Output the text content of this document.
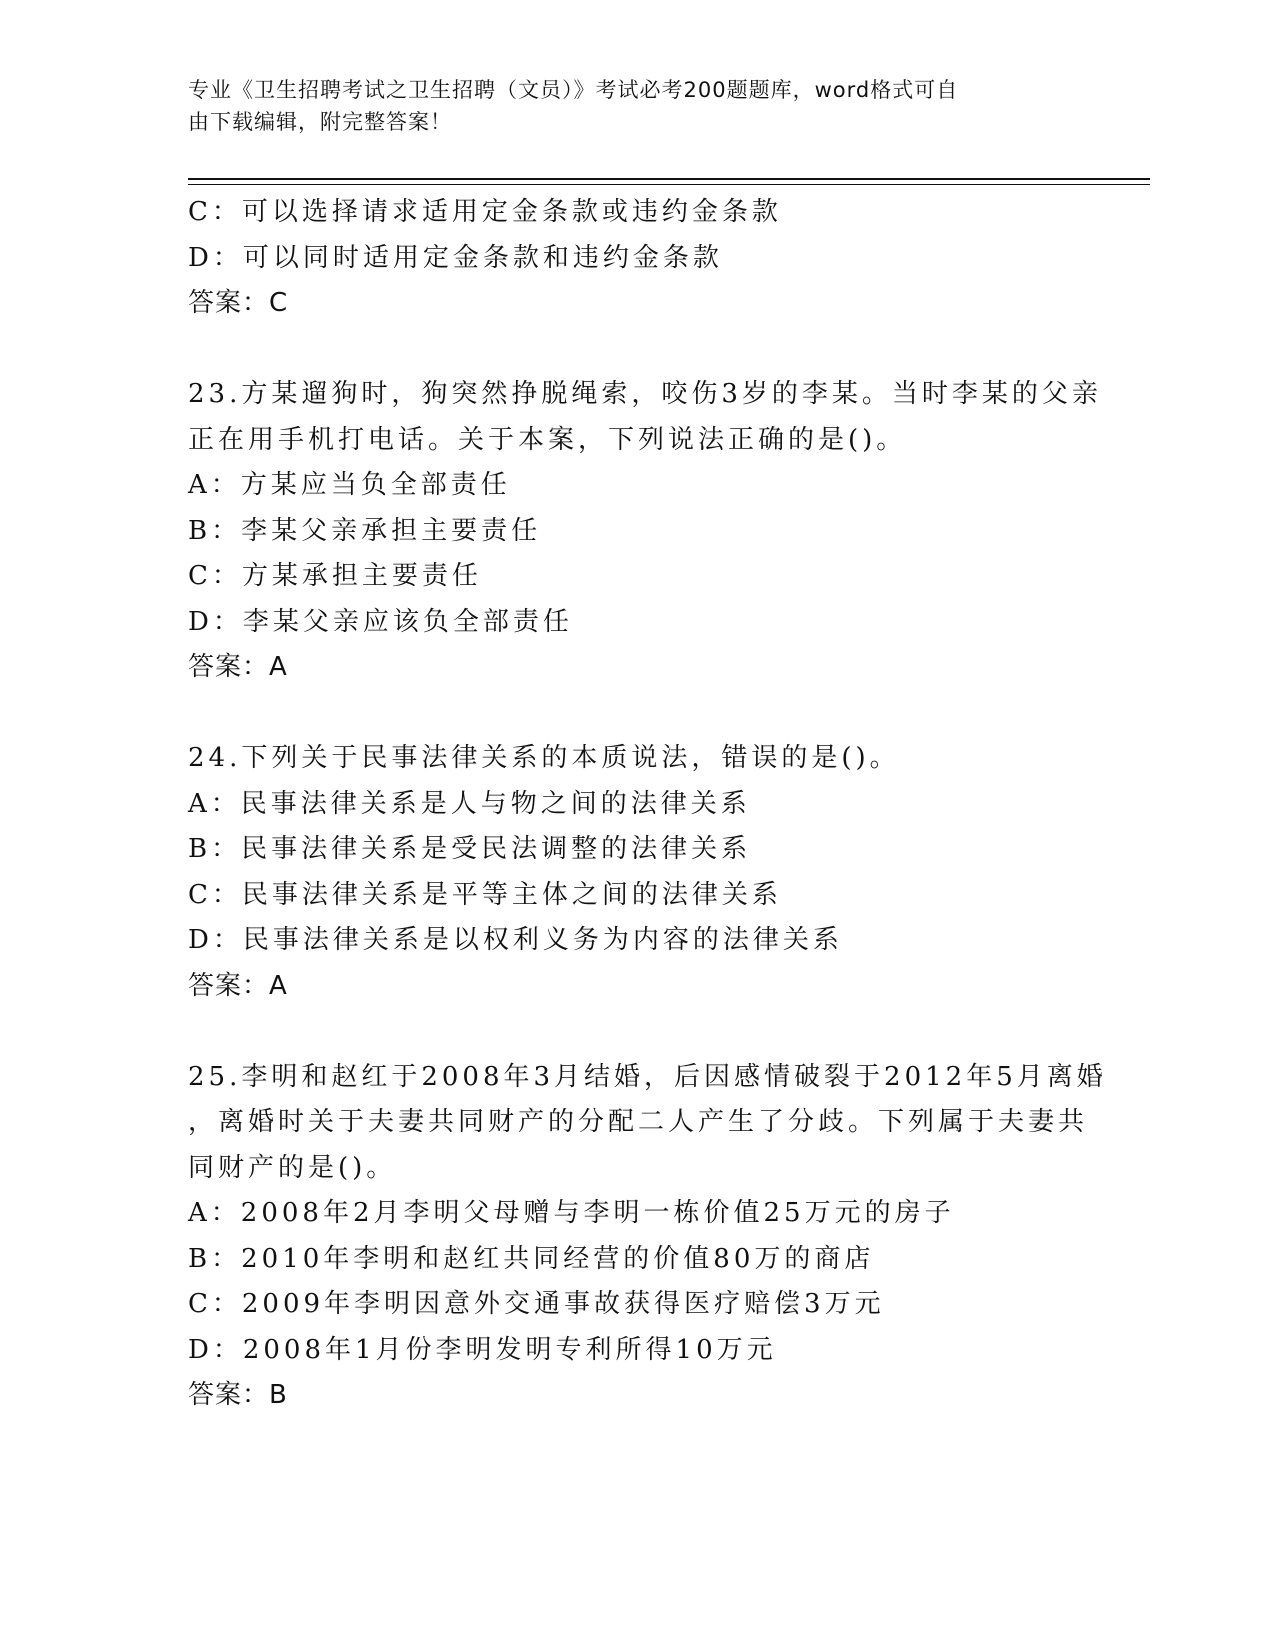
专业《卫生招聘考试之卫生招聘（文员）》考试必考200题题库，word格式可自
由下载编辑，附完整答案！
C：可以选择请求适用定金条款或违约金条款
D：可以同时适用定金条款和违约金条款
答案：C
23.方某遛狗时，狗突然挣脱绳索，咬伤3岁的李某。当时李某的父亲
正在用手机打电话。关于本案，下列说法正确的是()。
A：方某应当负全部责任
B：李某父亲承担主要责任
C：方某承担主要责任
D：李某父亲应该负全部责任
答案：A
24.下列关于民事法律关系的本质说法，错误的是()。
A：民事法律关系是人与物之间的法律关系
B：民事法律关系是受民法调整的法律关系
C：民事法律关系是平等主体之间的法律关系
D：民事法律关系是以权利义务为内容的法律关系
答案：A
25.李明和赵红于2008年3月结婚，后因感情破裂于2012年5月离婚
，离婚时关于夫妻共同财产的分配二人产生了分歧。下列属于夫妻共
同财产的是()。
A：2008年2月李明父母赠与李明一栋价值25万元的房子
B：2010年李明和赵红共同经营的价值80万的商店
C：2009年李明因意外交通事故获得医疗赔偿3万元
D：2008年1月份李明发明专利所得10万元
答案：B
